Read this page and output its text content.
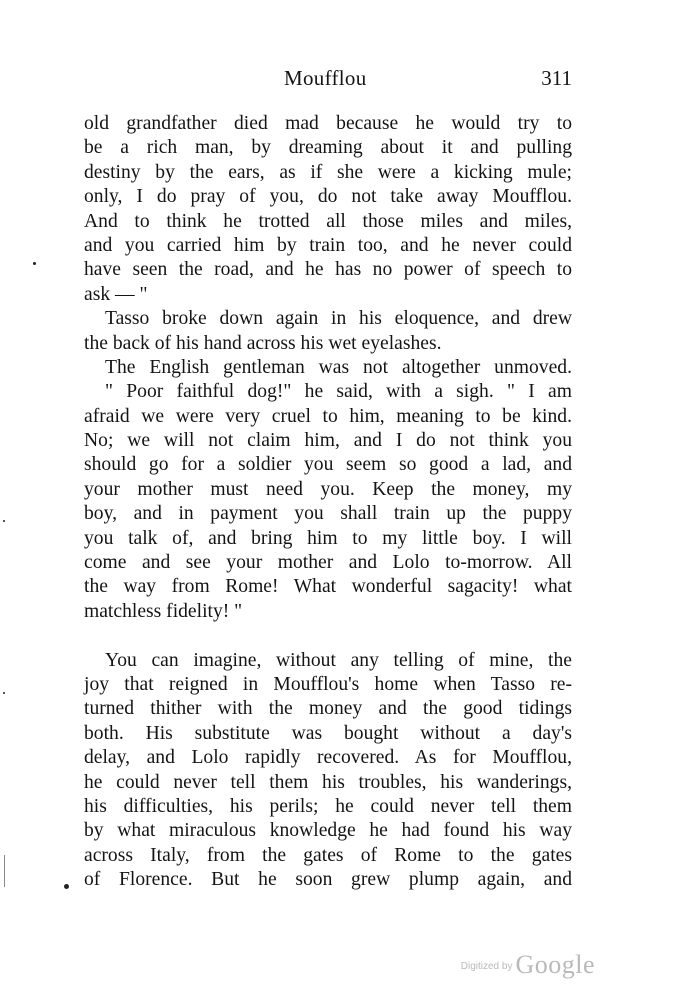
Moufflou	311
old grandfather died mad because he would try to
be a rich man, by dreaming about it and pulling
destiny by the ears, as if she were a kicking mule;
only, I do pray of you, do not take away Moufflou.
And to think he trotted all those miles and miles,
and you carried him by train too, and he never could
have seen the road, and he has no power of speech to
ask — "
Tasso broke down again in his eloquence, and drew
the back of his hand across his wet eyelashes.
The English gentleman was not altogether unmoved.
" Poor faithful dog!" he said, with a sigh. " I am
afraid we were very cruel to him, meaning to be kind.
No; we will not claim him, and I do not think you
should go for a soldier you seem so good a lad, and
your mother must need you. Keep the money, my
boy, and in payment you shall train up the puppy
you talk of, and bring him to my little boy. I will
come and see your mother and Lolo to-morrow. All
the way from Rome! What wonderful sagacity! what
matchless fidelity! "
You can imagine, without any telling of mine, the
joy that reigned in Moufflou's home when Tasso re-
turned thither with the money and the good tidings
both. His substitute was bought without a day's
delay, and Lolo rapidly recovered. As for Moufflou,
he could never tell them his troubles, his wanderings,
his difficulties, his perils; he could never tell them
by what miraculous knowledge he had found his way
across Italy, from the gates of Rome to the gates
of Florence. But he soon grew plump again, and
$^{Digitized by}$ Google
